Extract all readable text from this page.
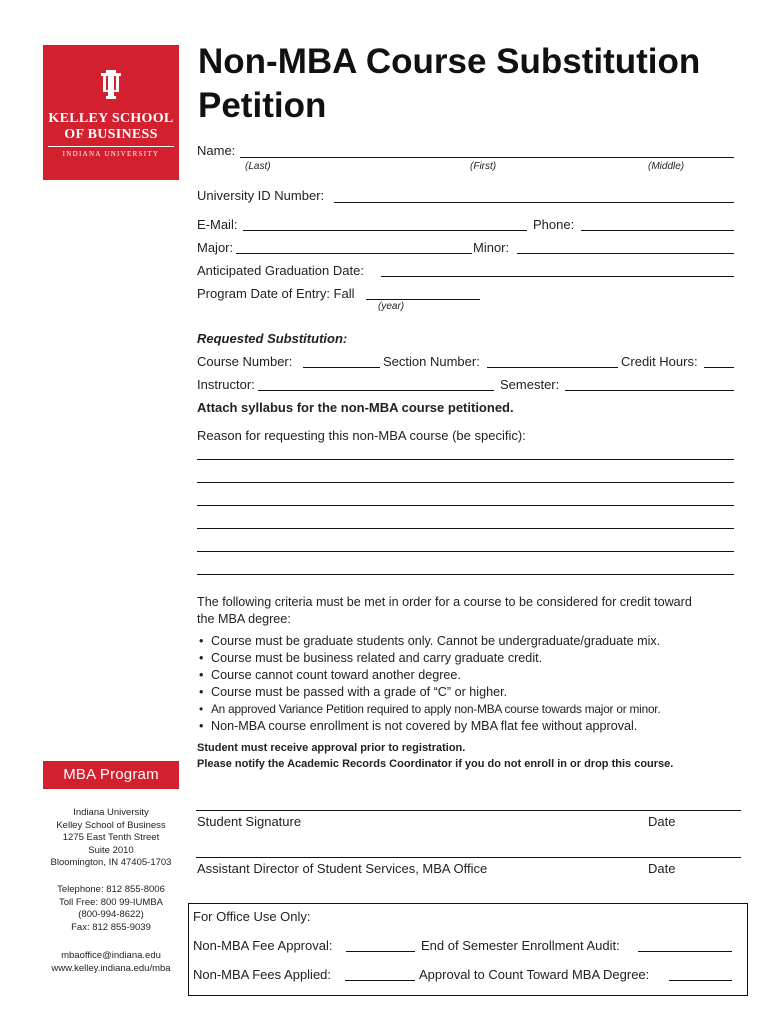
KELLEY SCHOOL
OF BUSINESS
INDIANA UNIVERSITY
Non-MBA Course Substitution Petition
Name:
(Last)	(First)	(Middle)
University ID Number:
E-Mail:	Phone:
Major:	Minor:
Anticipated Graduation Date:
Program Date of Entry: Fall
(year)
Requested Substitution:
Course Number:	Section Number:	Credit Hours:
Instructor:	Semester:
Attach syllabus for the non-MBA course petitioned.
Reason for requesting this non-MBA course (be specific):
The following criteria must be met in order for a course to be considered for credit toward
the MBA degree:
• Course must be graduate students only. Cannot be undergraduate/graduate mix.
• Course must be business related and carry graduate credit.
• Course cannot count toward another degree.
• Course must be passed with a grade of “C” or higher.
• An approved Variance Petition required to apply non-MBA course towards major or minor.
• Non-MBA course enrollment is not covered by MBA flat fee without approval.
Student must receive approval prior to registration.
Please notify the Academic Records Coordinator if you do not enroll in or drop this course.
Student Signature	Date
Assistant Director of Student Services, MBA Office	Date
For Office Use Only:
Non-MBA Fee Approval:	End of Semester Enrollment Audit:
Non-MBA Fees Applied:	Approval to Count Toward MBA Degree:
MBA Program
Indiana University
Kelley School of Business
1275 East Tenth Street
Suite 2010
Bloomington, IN 47405-1703
Telephone: 812 855-8006
Toll Free: 800 99-IUMBA
(800-994-8622)
Fax: 812 855-9039
mbaoffice@indiana.edu
www.kelley.indiana.edu/mba
